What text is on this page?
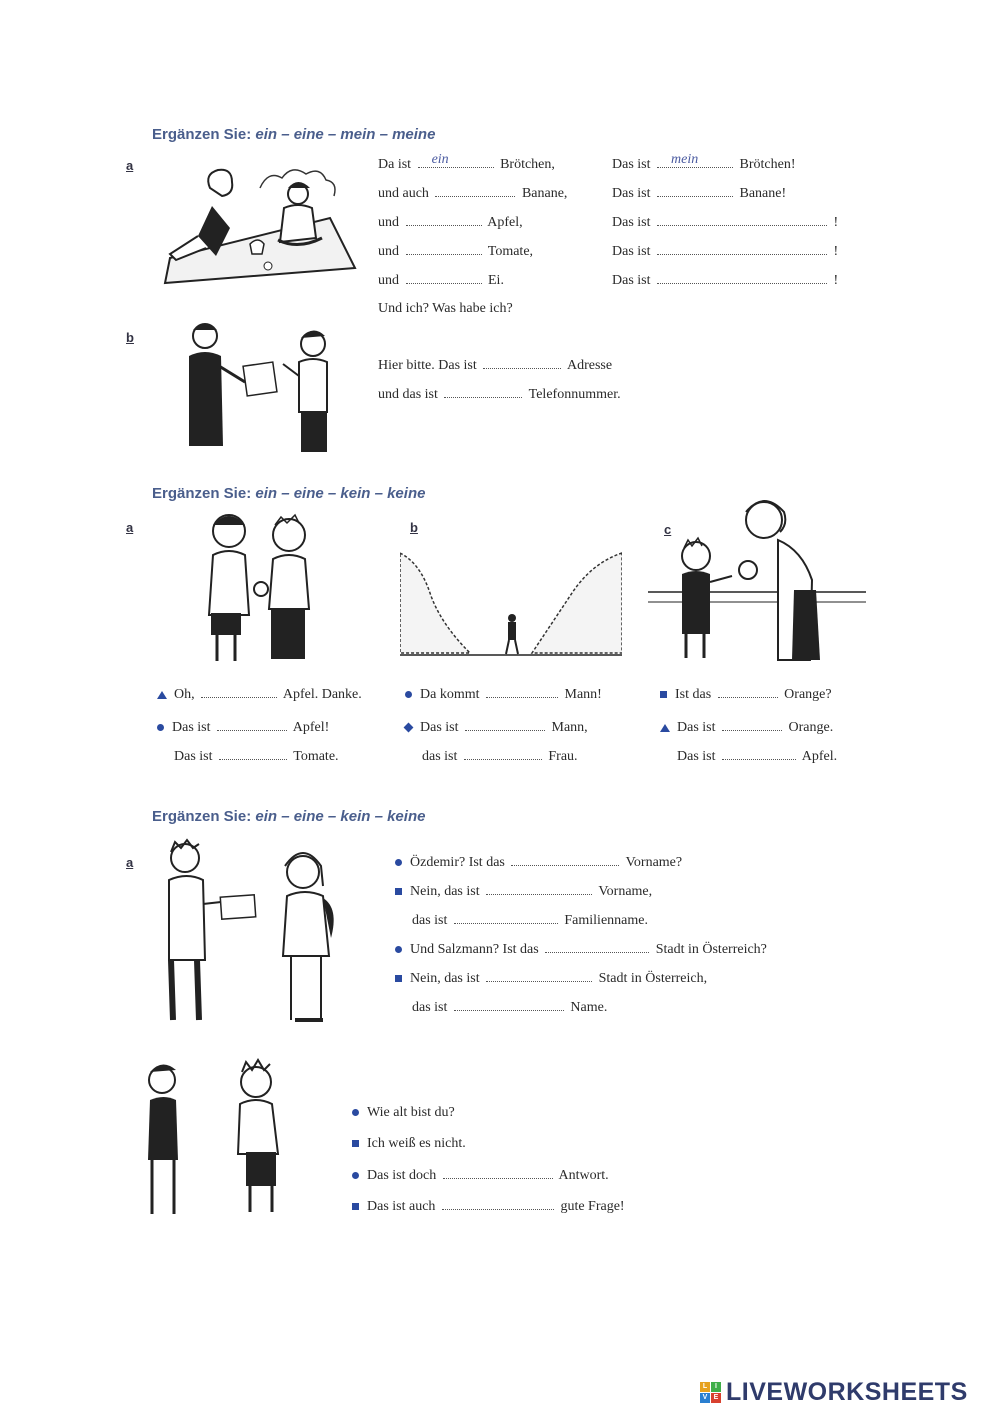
Ergänzen Sie: ein – eine – mein – meine
a	Da ist ein	Brötchen,
und auch	Banane,
und	Apfel,
und	Tomate,
und	Ei.
Und ich? Was habe ich?
Das ist mein	Brötchen!
Das ist	Banane!
Das ist	!
Das ist	!
Das ist	!
b
Hier bitte. Das ist	Adresse
und das ist	Telefonnummer.
Ergänzen Sie: ein – eine – kein – keine
a	b	c
Oh,	Apfel. Danke.
Das ist	Apfel!
Das ist	Tomate.
Da kommt	Mann!
Das ist	Mann,
das ist	Frau.
Ist das	Orange?
Das ist	Orange.
Das ist	Apfel.
Ergänzen Sie: ein – eine – kein – keine
a	Özdemir? Ist das	Vorname?
Nein, das ist	Vorname,
das ist	Familienname.
Und Salzmann? Ist das	Stadt in Österreich?
Nein, das ist	Stadt in Österreich,
das ist	Name.
Wie alt bist du?
Ich weiß es nicht.
Das ist doch	Antwort.
Das ist auch	gute Frage!
L	I
V E LIVEWORKSHEETS
